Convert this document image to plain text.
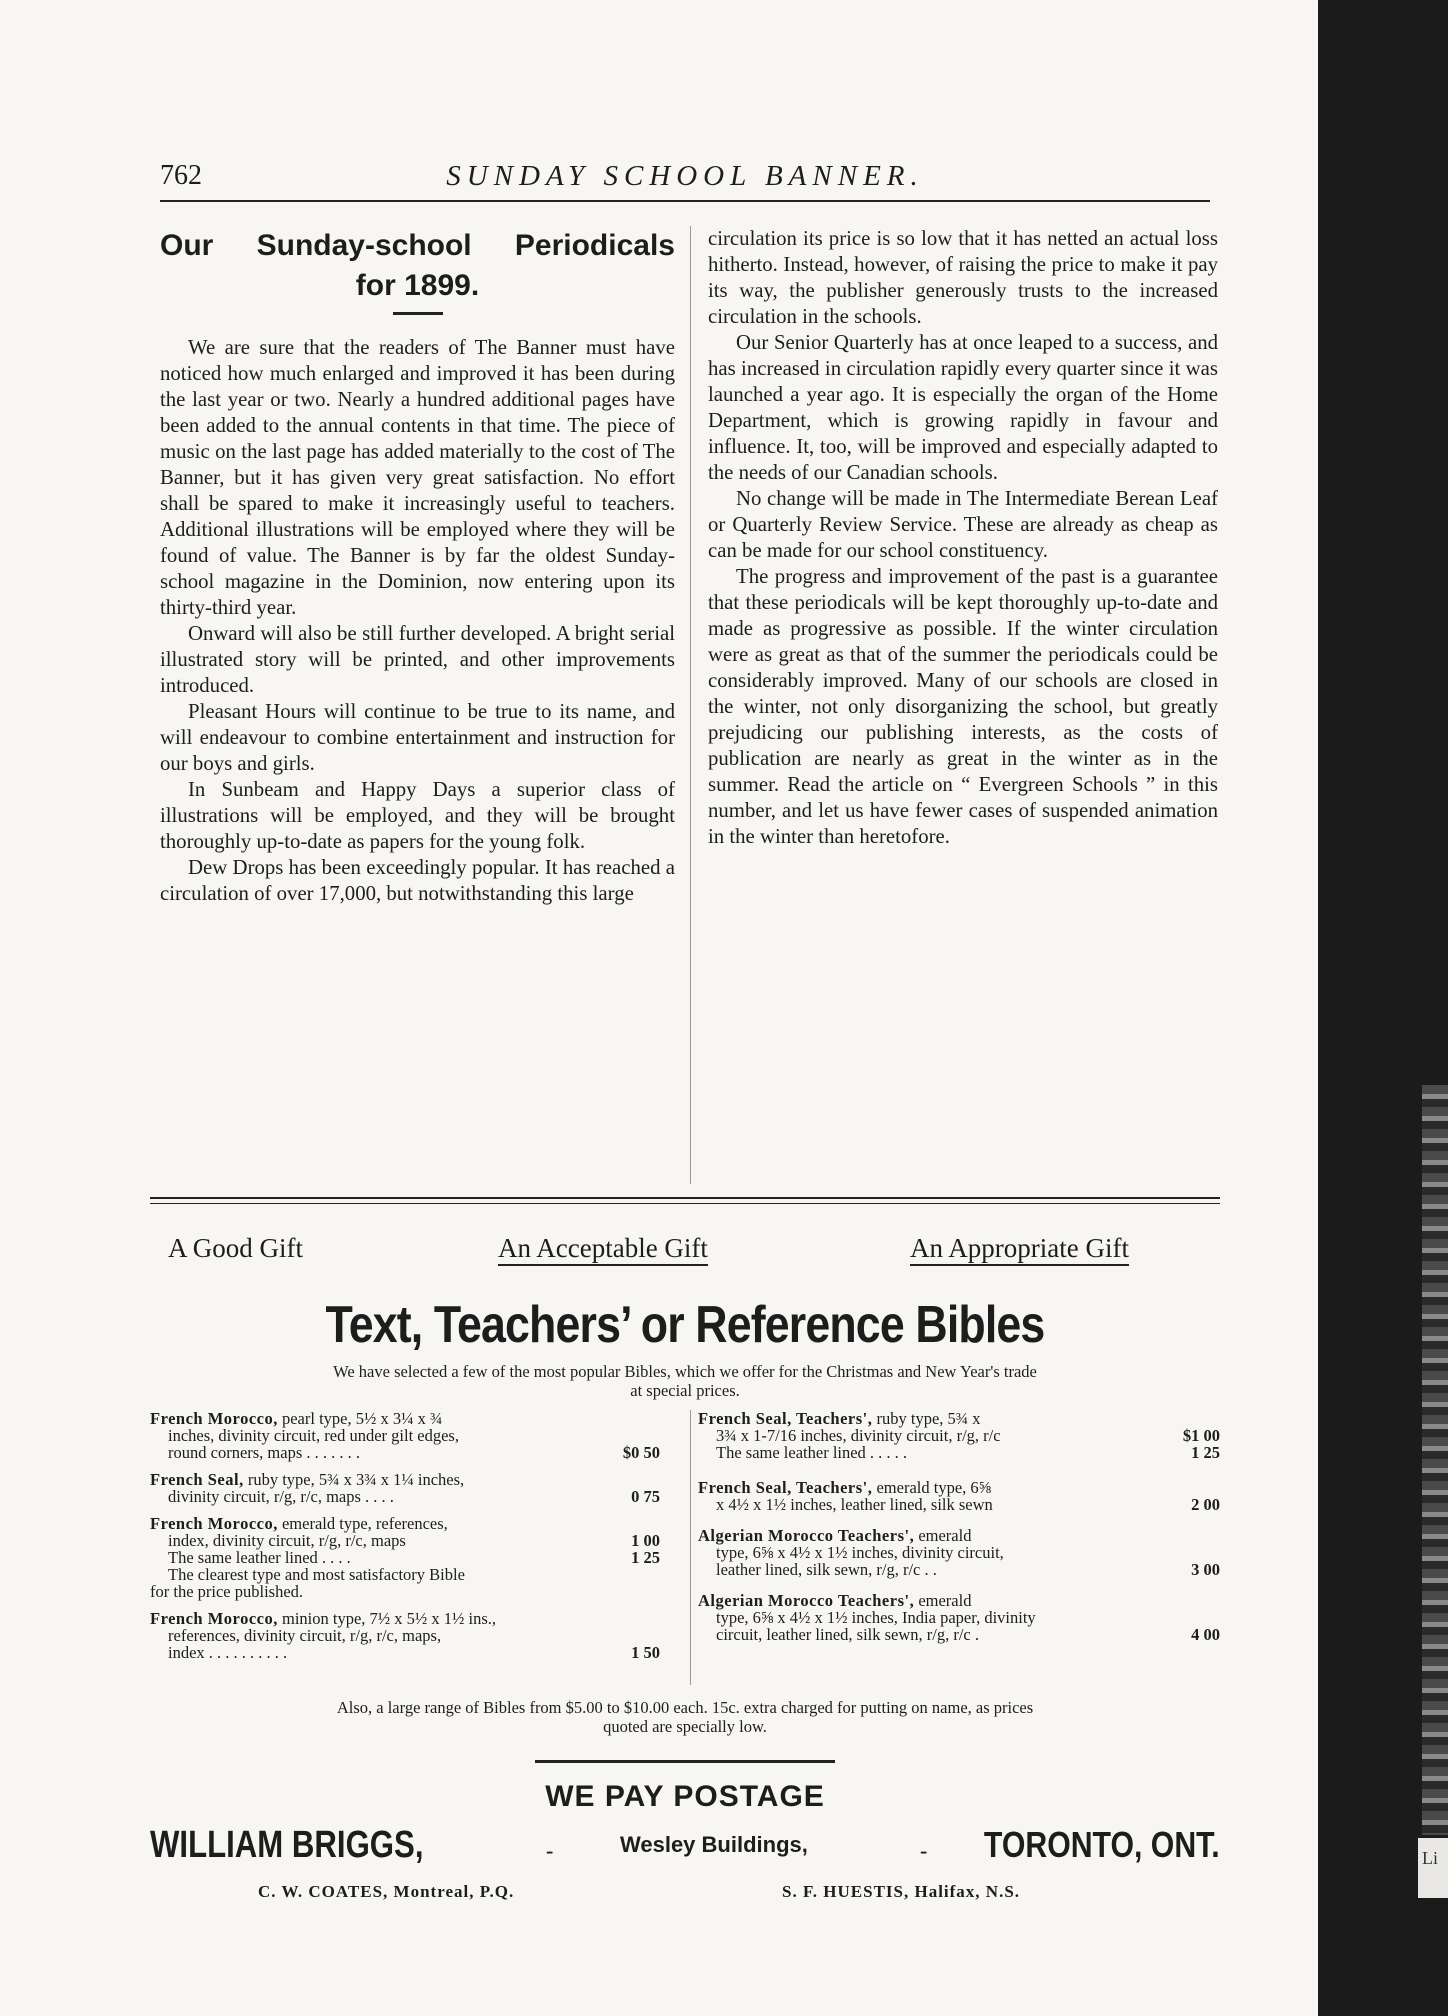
762	SUNDAY SCHOOL BANNER.
Our Sunday-school Periodicals
for 1899.

We are sure that the readers of The Banner must have noticed how much enlarged and improved it has been during the last year or two. Nearly a hundred additional pages have been added to the annual contents in that time. The piece of music on the last page has added materially to the cost of The Banner, but it has given very great satisfaction. No effort shall be spared to make it increasingly useful to teachers. Additional illustrations will be employed where they will be found of value. The Banner is by far the oldest Sunday-school magazine in the Dominion, now entering upon its thirty-third year.

Onward will also be still further developed. A bright serial illustrated story will be printed, and other improvements introduced.

Pleasant Hours will continue to be true to its name, and will endeavour to combine entertainment and instruction for our boys and girls.

In Sunbeam and Happy Days a superior class of illustrations will be employed, and they will be brought thoroughly up-to-date as papers for the young folk.

Dew Drops has been exceedingly popular. It has reached a circulation of over 17,000, but notwithstanding this large

circulation its price is so low that it has netted an actual loss hitherto. Instead, however, of raising the price to make it pay its way, the publisher generously trusts to the increased circulation in the schools.

Our Senior Quarterly has at once leaped to a success, and has increased in circulation rapidly every quarter since it was launched a year ago. It is especially the organ of the Home Department, which is growing rapidly in favour and influence. It, too, will be improved and especially adapted to the needs of our Canadian schools.

No change will be made in The Intermediate Berean Leaf or Quarterly Review Service. These are already as cheap as can be made for our school constituency.

The progress and improvement of the past is a guarantee that these periodicals will be kept thoroughly up-to-date and made as progressive as possible. If the winter circulation were as great as that of the summer the periodicals could be considerably improved. Many of our schools are closed in the winter, not only disorganizing the school, but greatly prejudicing our publishing interests, as the costs of publication are nearly as great in the winter as in the summer. Read the article on “ Evergreen Schools ” in this number, and let us have fewer cases of suspended animation in the winter than heretofore.

A Good Gift	An Acceptable Gift	An Appropriate Gift
Text, Teachers’ or Reference Bibles
We have selected a few of the most popular Bibles, which we offer for the Christmas and New Year's trade
at special prices.
French Morocco, pearl type, 5½ x 3¼ x ¾
inches, divinity circuit, red under gilt edges,
round corners, maps . . . . . . .	$0 50
French Seal, ruby type, 5¾ x 3¾ x 1¼ inches,
divinity circuit, r/g, r/c, maps . . . .	0 75
French Morocco, emerald type, references,
index, divinity circuit, r/g, r/c, maps	1 00
The same leather lined . . . .	1 25
The clearest type and most satisfactory Bible
for the price published.
French Morocco, minion type, 7½ x 5½ x 1½ ins.,
references, divinity circuit, r/g, r/c, maps,
index . . . . . . . . . .	1 50
French Seal, Teachers', ruby type, 5¾ x
3¾ x 1-7/16 inches, divinity circuit, r/g, r/c	$1 00
The same leather lined . . . . .	1 25
French Seal, Teachers', emerald type, 6⅝
x 4½ x 1½ inches, leather lined, silk sewn	2 00
Algerian Morocco Teachers', emerald
type, 6⅝ x 4½ x 1½ inches, divinity circuit,
leather lined, silk sewn, r/g, r/c . .	3 00
Algerian Morocco Teachers', emerald
type, 6⅝ x 4½ x 1½ inches, India paper, divinity
circuit, leather lined, silk sewn, r/g, r/c .	4 00
Also, a large range of Bibles from $5.00 to $10.00 each. 15c. extra charged for putting on name, as prices
quoted are specially low.
WE PAY POSTAGE
WILLIAM BRIGGS,	-	Wesley Buildings,	- TORONTO, ONT.
C. W. COATES, Montreal, P.Q.	S. F. HUESTIS, Halifax, N.S.
Li
